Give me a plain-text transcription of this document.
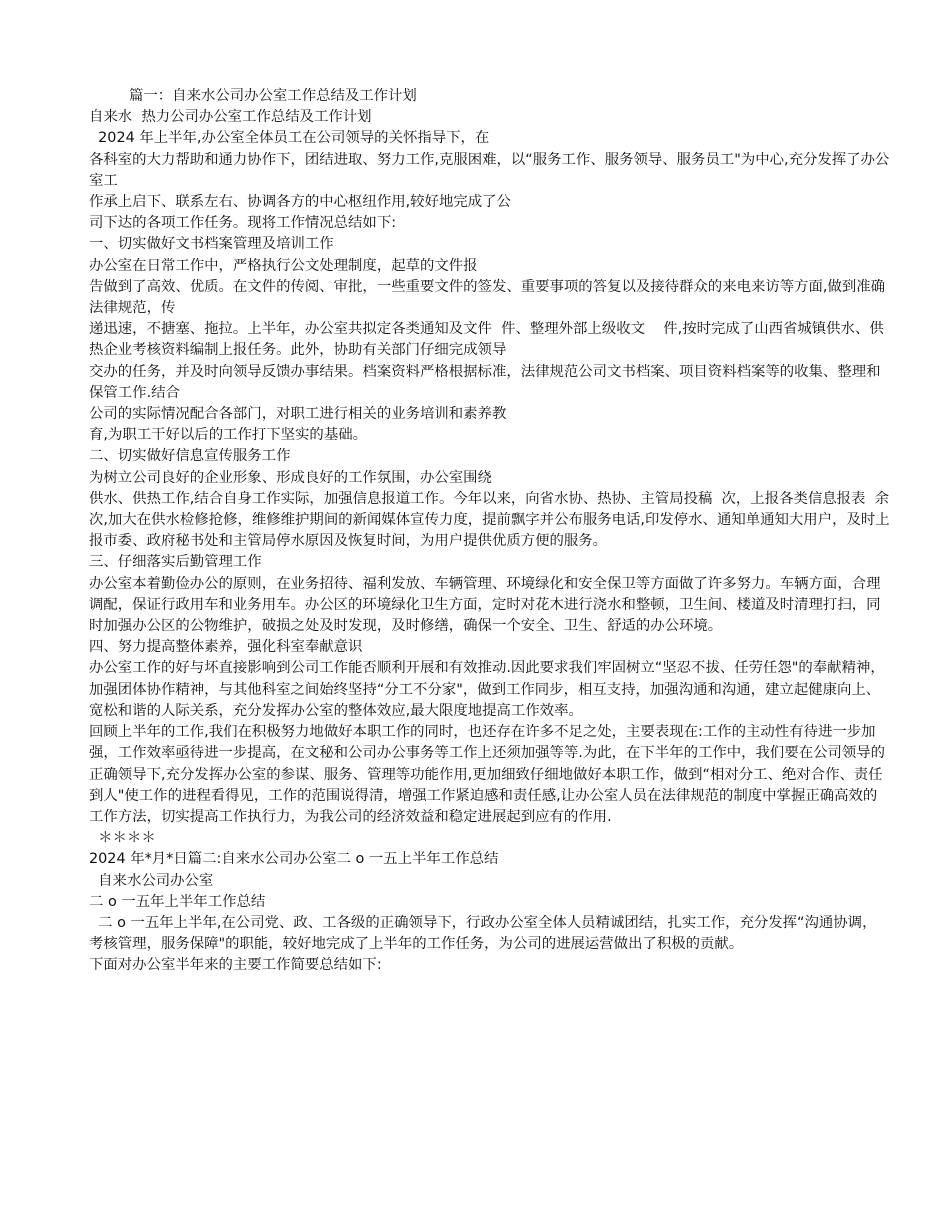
篇一：自来水公司办公室工作总结及工作计划

自来水  热力公司办公室工作总结及工作计划

2024 年上半年,办公室全体员工在公司领导的关怀指导下，在

各科室的大力帮助和通力协作下，团结进取、努力工作,克服困难，以“服务工作、服务领导、服务员工"为中心,充分发挥了办公室工

作承上启下、联系左右、协调各方的中心枢纽作用,较好地完成了公

司下达的各项工作任务。现将工作情况总结如下:

一、切实做好文书档案管理及培训工作

办公室在日常工作中，严格执行公文处理制度，起草的文件报

告做到了高效、优质。在文件的传阅、审批，一些重要文件的签发、重要事项的答复以及接待群众的来电来访等方面,做到准确法律规范，传

递迅速，不搪塞、拖拉。上半年，办公室共拟定各类通知及文件  件、整理外部上级收文    件,按时完成了山西省城镇供水、供热企业考核资料编制上报任务。此外，协助有关部门仔细完成领导

交办的任务，并及时向领导反馈办事结果。档案资料严格根据标准，法律规范公司文书档案、项目资料档案等的收集、整理和保管工作.结合

公司的实际情况配合各部门，对职工进行相关的业务培训和素养教

育,为职工干好以后的工作打下坚实的基础。

二、切实做好信息宣传服务工作

为树立公司良好的企业形象、形成良好的工作氛围，办公室围绕

供水、供热工作,结合自身工作实际，加强信息报道工作。今年以来，向省水协、热协、主管局投稿  次，上报各类信息报表  余次,加大在供水检修抢修，维修维护期间的新闻媒体宣传力度，提前飘字并公布服务电话,印发停水、通知单通知大用户，及时上报市委、政府秘书处和主管局停水原因及恢复时间，为用户提供优质方便的服务。

三、仔细落实后勤管理工作

办公室本着勤俭办公的原则，在业务招待、福利发放、车辆管理、环境绿化和安全保卫等方面做了许多努力。车辆方面，合理调配，保证行政用车和业务用车。办公区的环境绿化卫生方面，定时对花木进行浇水和整顿，卫生间、楼道及时清理打扫，同时加强办公区的公物维护，破损之处及时发现，及时修缮，确保一个安全、卫生、舒适的办公环境。

四、努力提高整体素养，强化科室奉献意识

办公室工作的好与坏直接影响到公司工作能否顺利开展和有效推动.因此要求我们牢固树立“坚忍不拔、任劳任怨"的奉献精神，加强团体协作精神，与其他科室之间始终坚持“分工不分家"，做到工作同步，相互支持，加强沟通和沟通，建立起健康向上、宽松和谐的人际关系，充分发挥办公室的整体效应,最大限度地提高工作效率。

回顾上半年的工作,我们在积极努力地做好本职工作的同时，也还存在许多不足之处，主要表现在:工作的主动性有待进一步加强，工作效率亟待进一步提高，在文秘和公司办公事务等工作上还须加强等等.为此，在下半年的工作中，我们要在公司领导的正确领导下,充分发挥办公室的参谋、服务、管理等功能作用,更加细致仔细地做好本职工作，做到“相对分工、绝对合作、责任到人"使工作的进程看得见，工作的范围说得清，增强工作紧迫感和责任感,让办公室人员在法律规范的制度中掌握正确高效的工作方法，切实提高工作执行力，为我公司的经济效益和稳定进展起到应有的作用.

＊＊＊＊

2024 年*月*日篇二:自来水公司办公室二 o 一五上半年工作总结

自来水公司办公室

二 o 一五年上半年工作总结

二 o 一五年上半年,在公司党、政、工各级的正确领导下，行政办公室全体人员精诚团结，扎实工作，充分发挥“沟通协调，考核管理，服务保障"的职能，较好地完成了上半年的工作任务，为公司的进展运营做出了积极的贡献。

下面对办公室半年来的主要工作简要总结如下:
